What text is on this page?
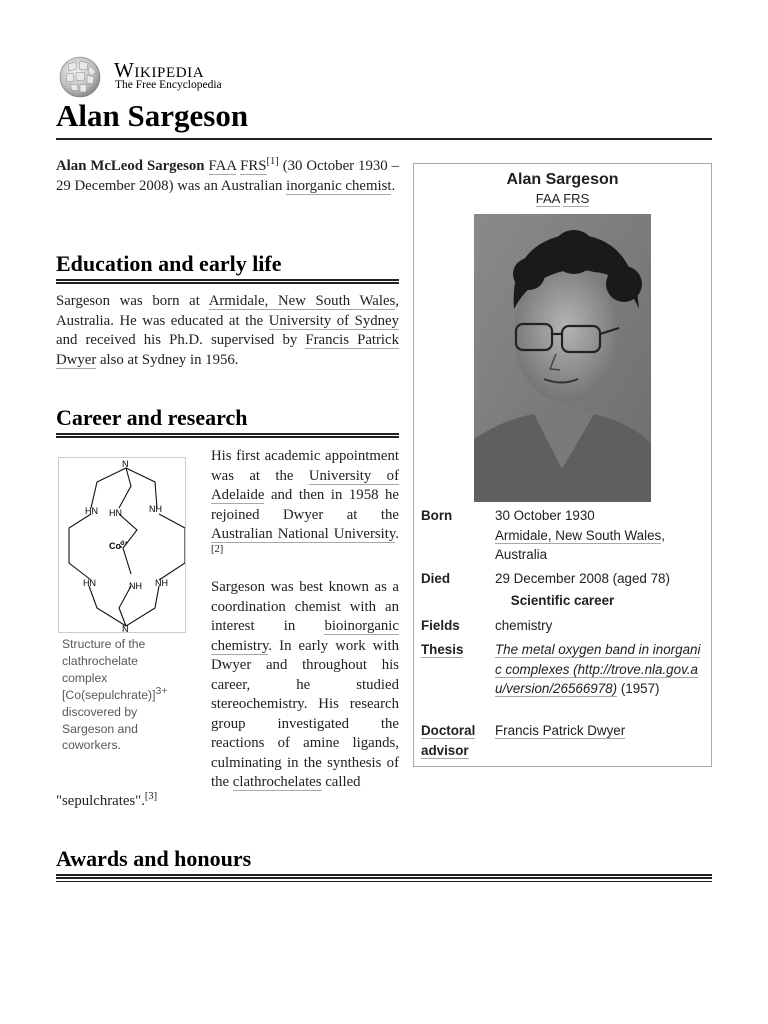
Wikipedia
The Free Encyclopedia
Alan Sargeson
Alan McLeod Sargeson FAA FRS[1] (30 October 1930 – 29 December 2008) was an Australian inorganic chemist.
Education and early life
Sargeson was born at Armidale, New South Wales, Australia. He was educated at the University of Sydney and received his Ph.D. supervised by Francis Patrick Dwyer also at Sydney in 1956.
Career and research
N
HN HN	NH
$Co^{3+}$
HN	NH NH
N
Structure of the clathrochelate complex [Co(sepulchrate)]$^{3+}$ discovered by Sargeson and coworkers.
His first academic appointment was at the University of Adelaide and then in 1958 he rejoined Dwyer at the Australian National University.[2]
Sargeson was best known as a coordination chemist with an interest in bioinorganic chemistry. In early work with Dwyer and throughout his career, he studied stereochemistry. His research group investigated the reactions of amine ligands, culminating in the synthesis of the clathrochelates called
"sepulchrates".[3]
Awards and honours
Alan Sargeson
FAA FRS
Born	30 October 1930
Armidale, New South Wales, Australia
Died	29 December 2008 (aged 78)
Scientific career
Fields	chemistry
Thesis The metal oxygen band in inorganic complexes (http://trove.nla.gov.au/version/26566978) (1957)
Doctoral advisor
Francis Patrick Dwyer
